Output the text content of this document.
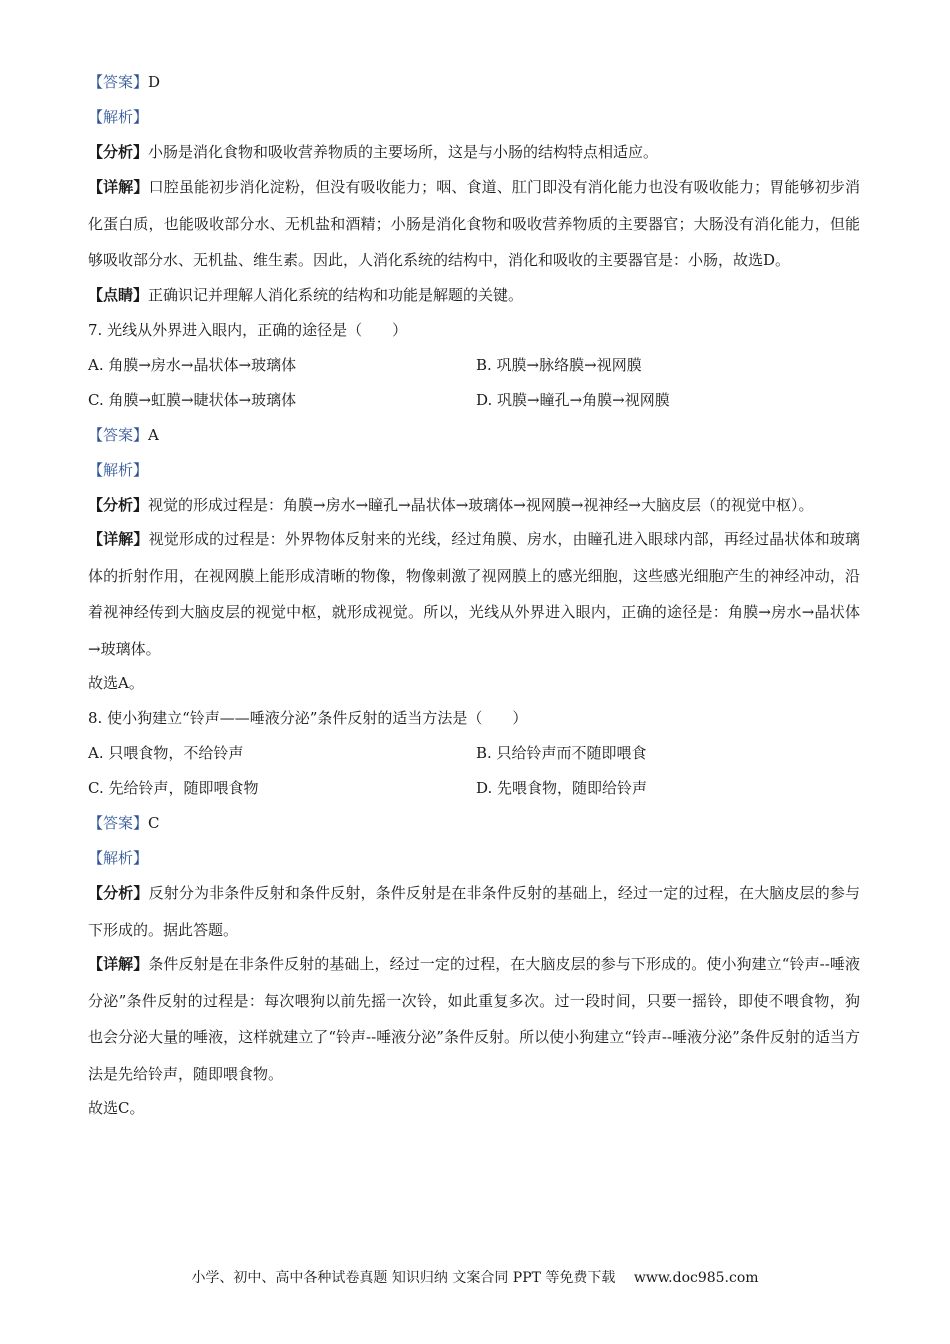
【答案】D
【解析】
【分析】小肠是消化食物和吸收营养物质的主要场所，这是与小肠的结构特点相适应。
【详解】口腔虽能初步消化淀粉，但没有吸收能力；咽、食道、肛门即没有消化能力也没有吸收能力；胃能够初步消化蛋白质，也能吸收部分水、无机盐和酒精；小肠是消化食物和吸收营养物质的主要器官；大肠没有消化能力，但能够吸收部分水、无机盐、维生素。因此，人消化系统的结构中，消化和吸收的主要器官是：小肠，故选D。
【点睛】正确识记并理解人消化系统的结构和功能是解题的关键。
7. 光线从外界进入眼内，正确的途径是（　　）
A. 角膜→房水→晶状体→玻璃体	B. 巩膜→脉络膜→视网膜
C. 角膜→虹膜→睫状体→玻璃体	D. 巩膜→瞳孔→角膜→视网膜
【答案】A
【解析】
【分析】视觉的形成过程是：角膜→房水→瞳孔→晶状体→玻璃体→视网膜→视神经→大脑皮层（的视觉中枢）。
【详解】视觉形成的过程是：外界物体反射来的光线，经过角膜、房水，由瞳孔进入眼球内部，再经过晶状体和玻璃体的折射作用，在视网膜上能形成清晰的物像，物像刺激了视网膜上的感光细胞，这些感光细胞产生的神经冲动，沿着视神经传到大脑皮层的视觉中枢，就形成视觉。所以，光线从外界进入眼内，正确的途径是：角膜→房水→晶状体→玻璃体。
故选A。
8. 使小狗建立“铃声——唾液分泌”条件反射的适当方法是（　　）
A. 只喂食物，不给铃声	B. 只给铃声而不随即喂食
C. 先给铃声，随即喂食物	D. 先喂食物，随即给铃声
【答案】C
【解析】
【分析】反射分为非条件反射和条件反射，条件反射是在非条件反射的基础上，经过一定的过程，在大脑皮层的参与下形成的。据此答题。
【详解】条件反射是在非条件反射的基础上，经过一定的过程，在大脑皮层的参与下形成的。使小狗建立“铃声--唾液分泌”条件反射的过程是：每次喂狗以前先摇一次铃，如此重复多次。过一段时间，只要一摇铃，即使不喂食物，狗也会分泌大量的唾液，这样就建立了“铃声--唾液分泌”条件反射。所以使小狗建立“铃声--唾液分泌”条件反射的适当方法是先给铃声，随即喂食物。
故选C。
小学、初中、高中各种试卷真题 知识归纳 文案合同 PPT 等免费下载　 www.doc985.com
